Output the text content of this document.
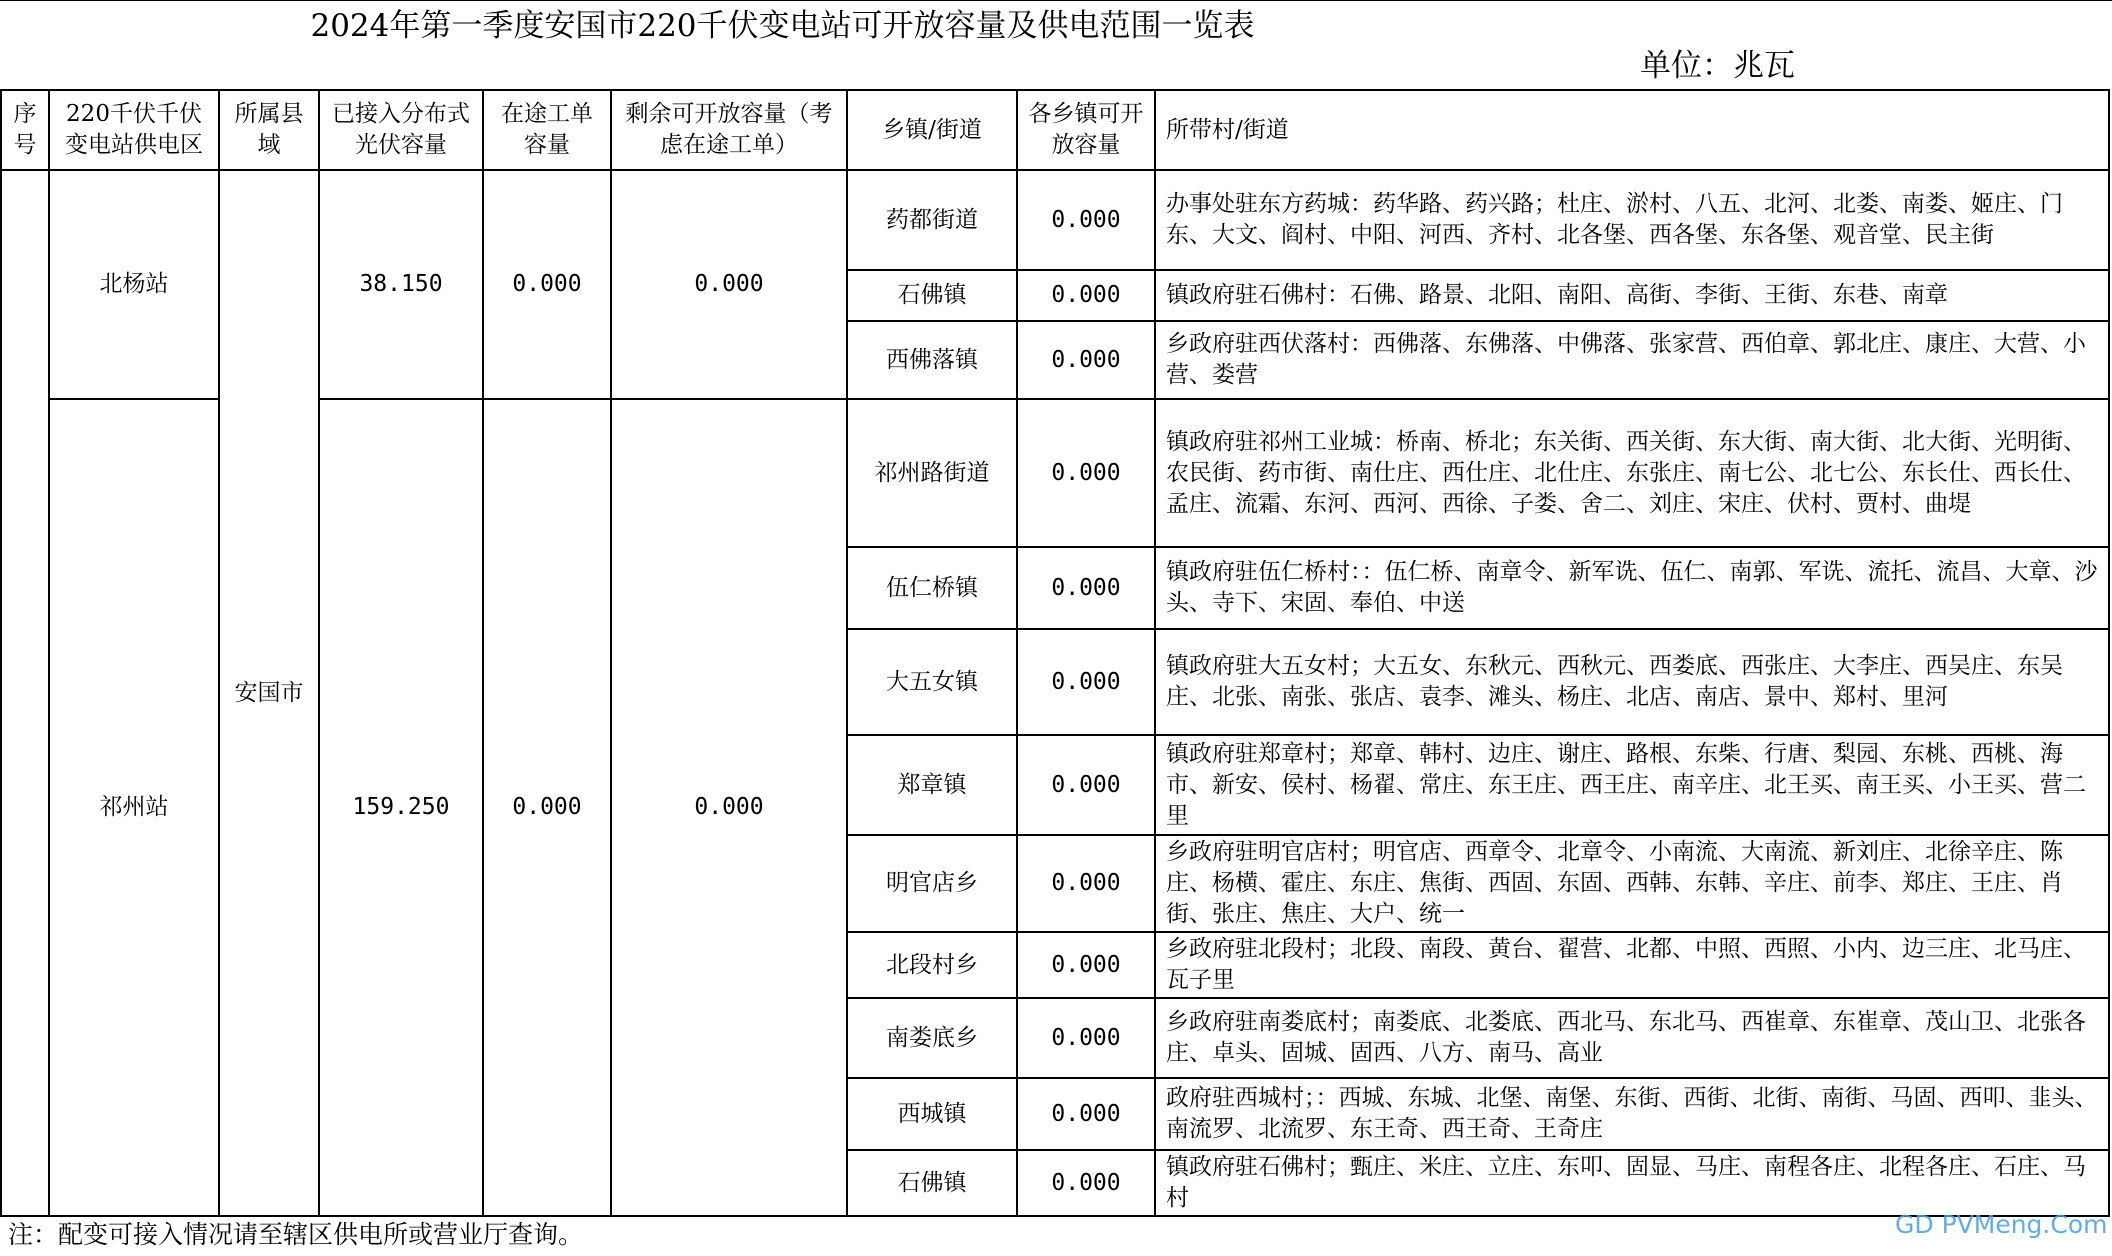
2024年第一季度安国市220千伏变电站可开放容量及供电范围一览表
单位：兆瓦
序号	220千伏千伏变电站供电区	所属县域	已接入分布式光伏容量	在途工单容量	剩余可开放容量（考虑在途工单）	乡镇/街道	各乡镇可开放容量	所带村/街道
	北杨站	安国市	38.150	0.000	0.000	药都街道	0.000	办事处驻东方药城：药华路、药兴路；杜庄、淤村、八五、北河、北娄、南娄、姬庄、门东、大文、阎村、中阳、河西、齐村、北各堡、西各堡、东各堡、观音堂、民主街
						石佛镇	0.000	镇政府驻石佛村：石佛、路景、北阳、南阳、高街、李街、王街、东巷、南章
						西佛落镇	0.000	乡政府驻西伏落村：西佛落、东佛落、中佛落、张家营、西伯章、郭北庄、康庄、大营、小营、娄营
	祁州站		159.250	0.000	0.000	祁州路街道	0.000	镇政府驻祁州工业城：桥南、桥北；东关街、西关街、东大街、南大街、北大街、光明街、农民街、药市街、南仕庄、西仕庄、北仕庄、东张庄、南七公、北七公、东长仕、西长仕、孟庄、流霜、东河、西河、西徐、子娄、舍二、刘庄、宋庄、伏村、贾村、曲堤
						伍仁桥镇	0.000	镇政府驻伍仁桥村：：伍仁桥、南章令、新军诜、伍仁、南郭、军诜、流托、流昌、大章、沙头、寺下、宋固、奉伯、中送
						大五女镇	0.000	镇政府驻大五女村；大五女、东秋元、西秋元、西娄底、西张庄、大李庄、西吴庄、东吴庄、北张、南张、张店、袁李、滩头、杨庄、北店、南店、景中、郑村、里河
						郑章镇	0.000	镇政府驻郑章村；郑章、韩村、边庄、谢庄、路根、东柴、行唐、梨园、东桃、西桃、海市、新安、侯村、杨翟、常庄、东王庄、西王庄、南辛庄、北王买、南王买、小王买、营二里
						明官店乡	0.000	乡政府驻明官店村；明官店、西章令、北章令、小南流、大南流、新刘庄、北徐辛庄、陈庄、杨横、霍庄、东庄、焦街、西固、东固、西韩、东韩、辛庄、前李、郑庄、王庄、肖街、张庄、焦庄、大户、统一
						北段村乡	0.000	乡政府驻北段村；北段、南段、黄台、翟营、北都、中照、西照、小内、边三庄、北马庄、瓦子里
						南娄底乡	0.000	乡政府驻南娄底村；南娄底、北娄底、西北马、东北马、西崔章、东崔章、茂山卫、北张各庄、卓头、固城、固西、八方、南马、高业
						西城镇	0.000	政府驻西城村；：西城、东城、北堡、南堡、东街、西街、北街、南街、马固、西叩、韭头、南流罗、北流罗、东王奇、西王奇、王奇庄
						石佛镇	0.000	镇政府驻石佛村；甄庄、米庄、立庄、东叩、固显、马庄、南程各庄、北程各庄、石庄、马村
注：配变可接入情况请至辖区供电所或营业厅查询。	GD PVMeng.Com
